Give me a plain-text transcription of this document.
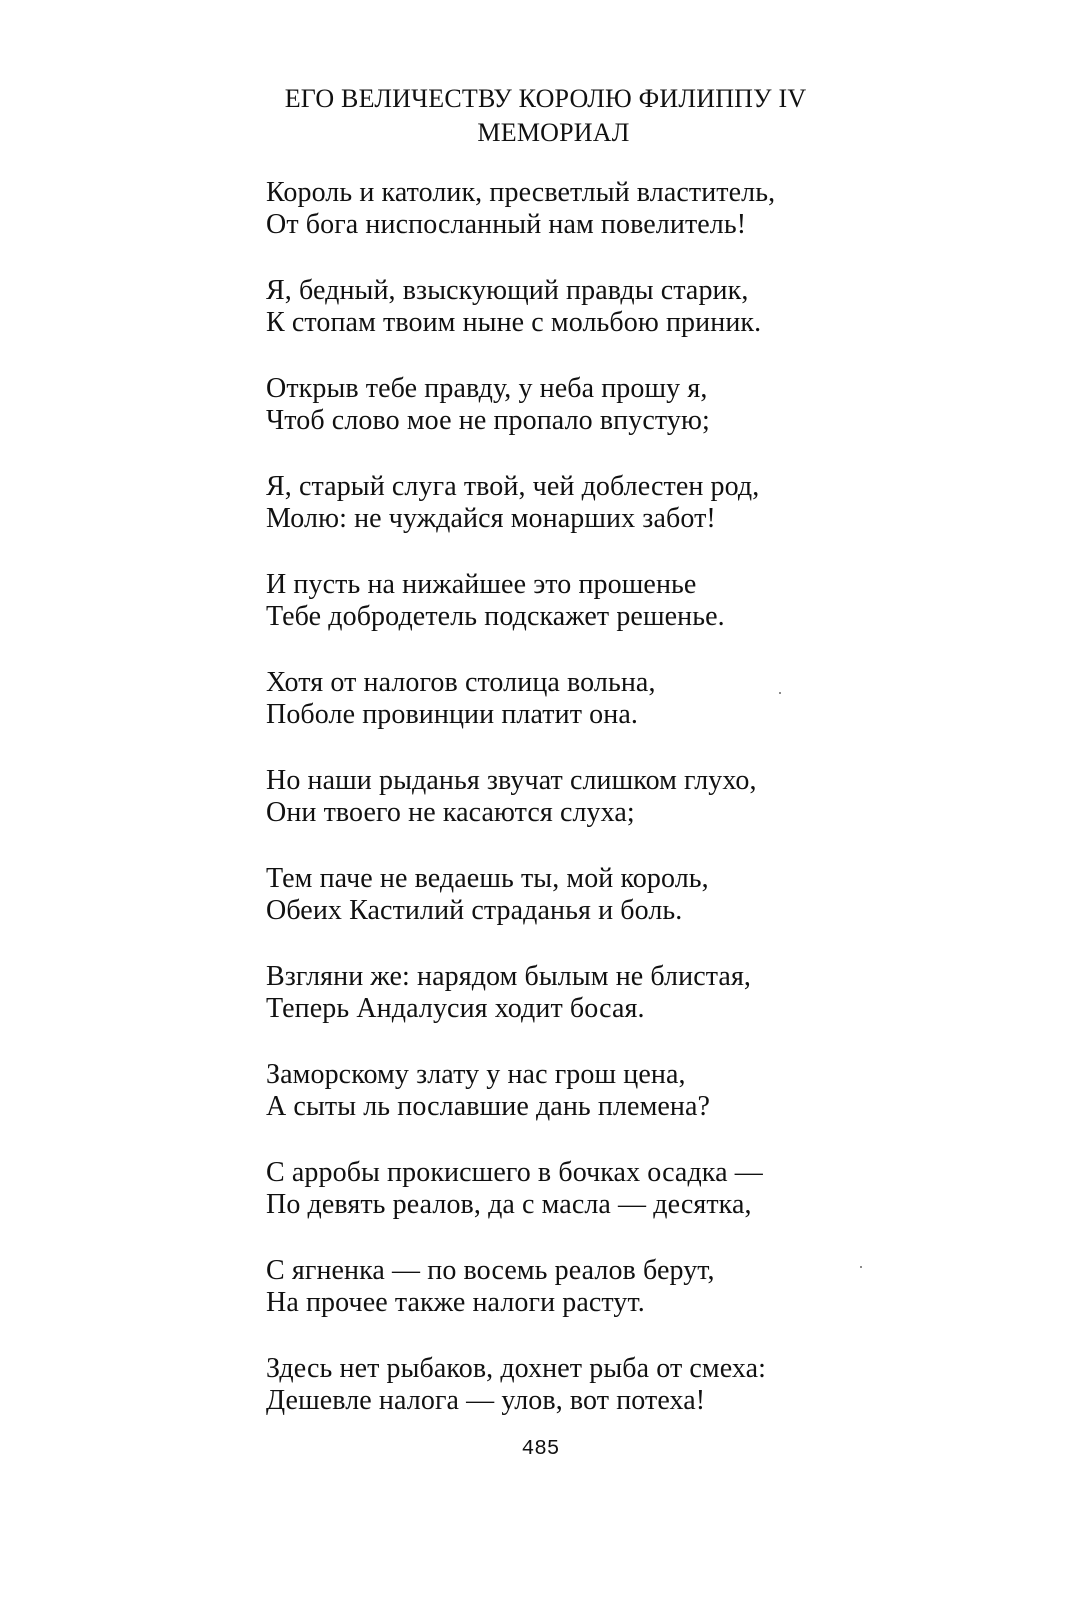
ЕГО ВЕЛИЧЕСТВУ КОРОЛЮ ФИЛИППУ IV
МЕМОРИАЛ
Король и католик, пресветлый властитель,
От бога ниспосланный нам повелитель!
Я, бедный, взыскующий правды старик,
К стопам твоим ныне с мольбою приник.
Открыв тебе правду, у неба прошу я,
Чтоб слово мое не пропало впустую;
Я, старый слуга твой, чей доблестен род,
Молю: не чуждайся монарших забот!
И пусть на нижайшее это прошенье
Тебе добродетель подскажет решенье.
Хотя от налогов столица вольна,
Поболе провинции платит она.
Но наши рыданья звучат слишком глухо,
Они твоего не касаются слуха;
Тем паче не ведаешь ты, мой король,
Обеих Кастилий страданья и боль.
Взгляни же: нарядом былым не блистая,
Теперь Андалусия ходит босая.
Заморскому злату у нас грош цена,
А сыты ль пославшие дань племена?
С арробы прокисшего в бочках осадка —
По девять реалов, да с масла — десятка,
С ягненка — по восемь реалов берут,
На прочее также налоги растут.
Здесь нет рыбаков, дохнет рыба от смеха:
Дешевле налога — улов, вот потеха!
485
